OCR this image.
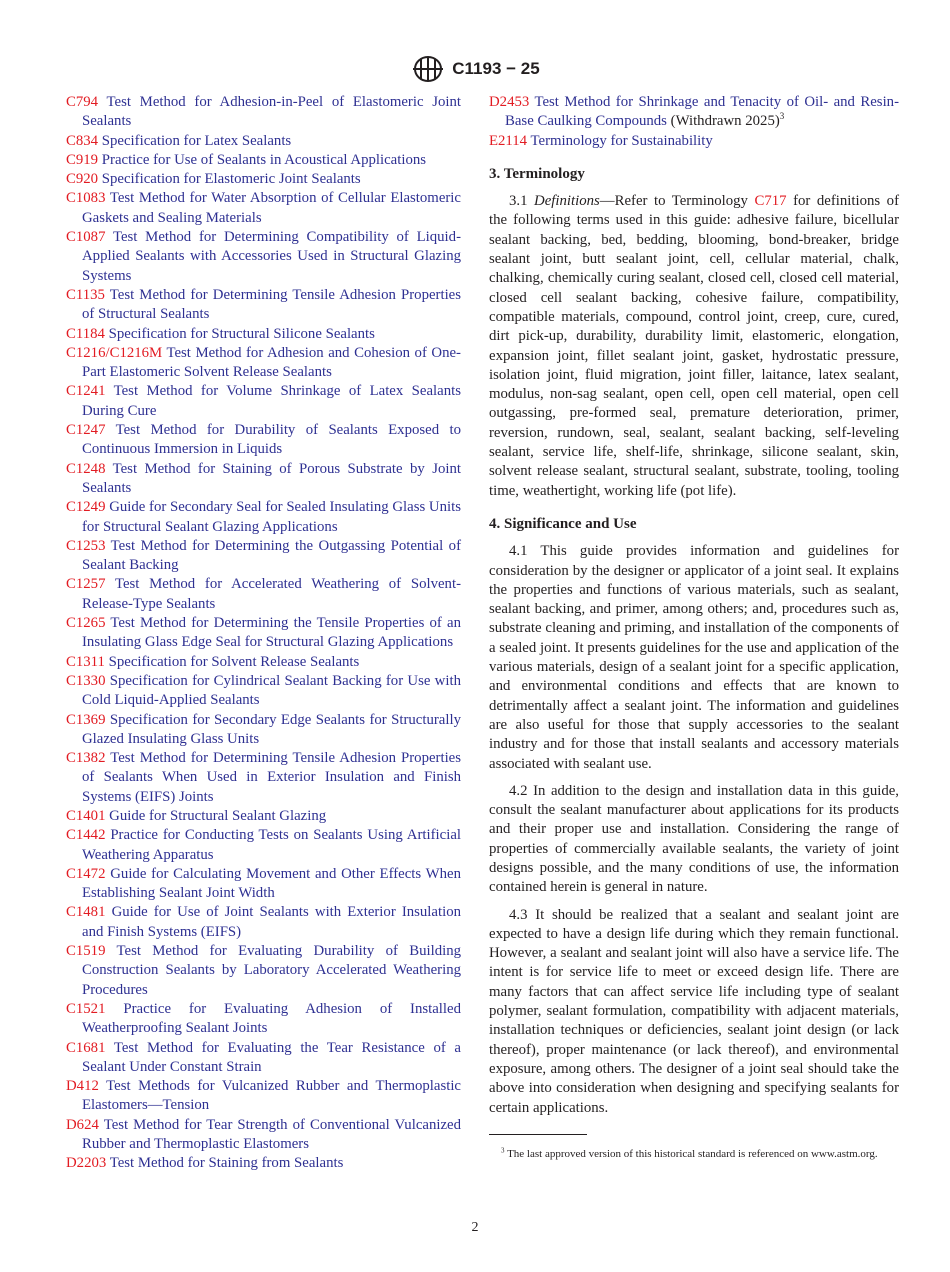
C1193 − 25

C794 Test Method for Adhesion-in-Peel of Elastomeric Joint Sealants

C834 Specification for Latex Sealants

C919 Practice for Use of Sealants in Acoustical Applications

C920 Specification for Elastomeric Joint Sealants

C1083 Test Method for Water Absorption of Cellular Elastomeric Gaskets and Sealing Materials

C1087 Test Method for Determining Compatibility of Liquid-Applied Sealants with Accessories Used in Structural Glazing Systems

C1135 Test Method for Determining Tensile Adhesion Properties of Structural Sealants

C1184 Specification for Structural Silicone Sealants

C1216/C1216M Test Method for Adhesion and Cohesion of One-Part Elastomeric Solvent Release Sealants

C1241 Test Method for Volume Shrinkage of Latex Sealants During Cure

C1247 Test Method for Durability of Sealants Exposed to Continuous Immersion in Liquids

C1248 Test Method for Staining of Porous Substrate by Joint Sealants

C1249 Guide for Secondary Seal for Sealed Insulating Glass Units for Structural Sealant Glazing Applications

C1253 Test Method for Determining the Outgassing Potential of Sealant Backing

C1257 Test Method for Accelerated Weathering of Solvent-Release-Type Sealants

C1265 Test Method for Determining the Tensile Properties of an Insulating Glass Edge Seal for Structural Glazing Applications

C1311 Specification for Solvent Release Sealants

C1330 Specification for Cylindrical Sealant Backing for Use with Cold Liquid-Applied Sealants

C1369 Specification for Secondary Edge Sealants for Structurally Glazed Insulating Glass Units

C1382 Test Method for Determining Tensile Adhesion Properties of Sealants When Used in Exterior Insulation and Finish Systems (EIFS) Joints

C1401 Guide for Structural Sealant Glazing

C1442 Practice for Conducting Tests on Sealants Using Artificial Weathering Apparatus

C1472 Guide for Calculating Movement and Other Effects When Establishing Sealant Joint Width

C1481 Guide for Use of Joint Sealants with Exterior Insulation and Finish Systems (EIFS)

C1519 Test Method for Evaluating Durability of Building Construction Sealants by Laboratory Accelerated Weathering Procedures

C1521 Practice for Evaluating Adhesion of Installed Weatherproofing Sealant Joints

C1681 Test Method for Evaluating the Tear Resistance of a Sealant Under Constant Strain

D412 Test Methods for Vulcanized Rubber and Thermoplastic Elastomers—Tension

D624 Test Method for Tear Strength of Conventional Vulcanized Rubber and Thermoplastic Elastomers

D2203 Test Method for Staining from Sealants

D2453 Test Method for Shrinkage and Tenacity of Oil- and Resin-Base Caulking Compounds (Withdrawn 2025)$^3$

E2114 Terminology for Sustainability

3. Terminology

3.1 Definitions—Refer to Terminology C717 for definitions of the following terms used in this guide: adhesive failure, bicellular sealant backing, bed, bedding, blooming, bond-breaker, bridge sealant joint, butt sealant joint, cell, cellular material, chalk, chalking, chemically curing sealant, closed cell, closed cell material, closed cell sealant backing, cohesive failure, compatibility, compatible materials, compound, control joint, creep, cure, cured, dirt pick-up, durability, durability limit, elastomeric, elongation, expansion joint, fillet sealant joint, gasket, hydrostatic pressure, isolation joint, fluid migration, joint filler, laitance, latex sealant, modulus, non-sag sealant, open cell, open cell material, open cell outgassing, pre-formed seal, premature deterioration, primer, reversion, rundown, seal, sealant, sealant backing, self-leveling sealant, service life, shelf-life, shrinkage, silicone sealant, skin, solvent release sealant, structural sealant, substrate, tooling, tooling time, weathertight, working life (pot life).

4. Significance and Use

4.1 This guide provides information and guidelines for consideration by the designer or applicator of a joint seal. It explains the properties and functions of various materials, such as sealant, sealant backing, and primer, among others; and, procedures such as, substrate cleaning and priming, and installation of the components of a sealed joint. It presents guidelines for the use and application of the various materials, design of a sealant joint for a specific application, and environmental conditions and effects that are known to detrimentally affect a sealant joint. The information and guidelines are also useful for those that supply accessories to the sealant industry and for those that install sealants and accessory materials associated with sealant use.

4.2 In addition to the design and installation data in this guide, consult the sealant manufacturer about applications for its products and their proper use and installation. Considering the range of properties of commercially available sealants, the variety of joint designs possible, and the many conditions of use, the information contained herein is general in nature.

4.3 It should be realized that a sealant and sealant joint are expected to have a design life during which they remain functional. However, a sealant and sealant joint will also have a service life. The intent is for service life to meet or exceed design life. There are many factors that can affect service life including type of sealant polymer, sealant formulation, compatibility with adjacent materials, installation techniques or deficiencies, sealant joint design (or lack thereof), proper maintenance (or lack thereof), and environmental exposure, among others. The designer of a joint seal should take the above into consideration when designing and specifying sealants for certain applications.

$^3$ The last approved version of this historical standard is referenced on www.astm.org.
2
